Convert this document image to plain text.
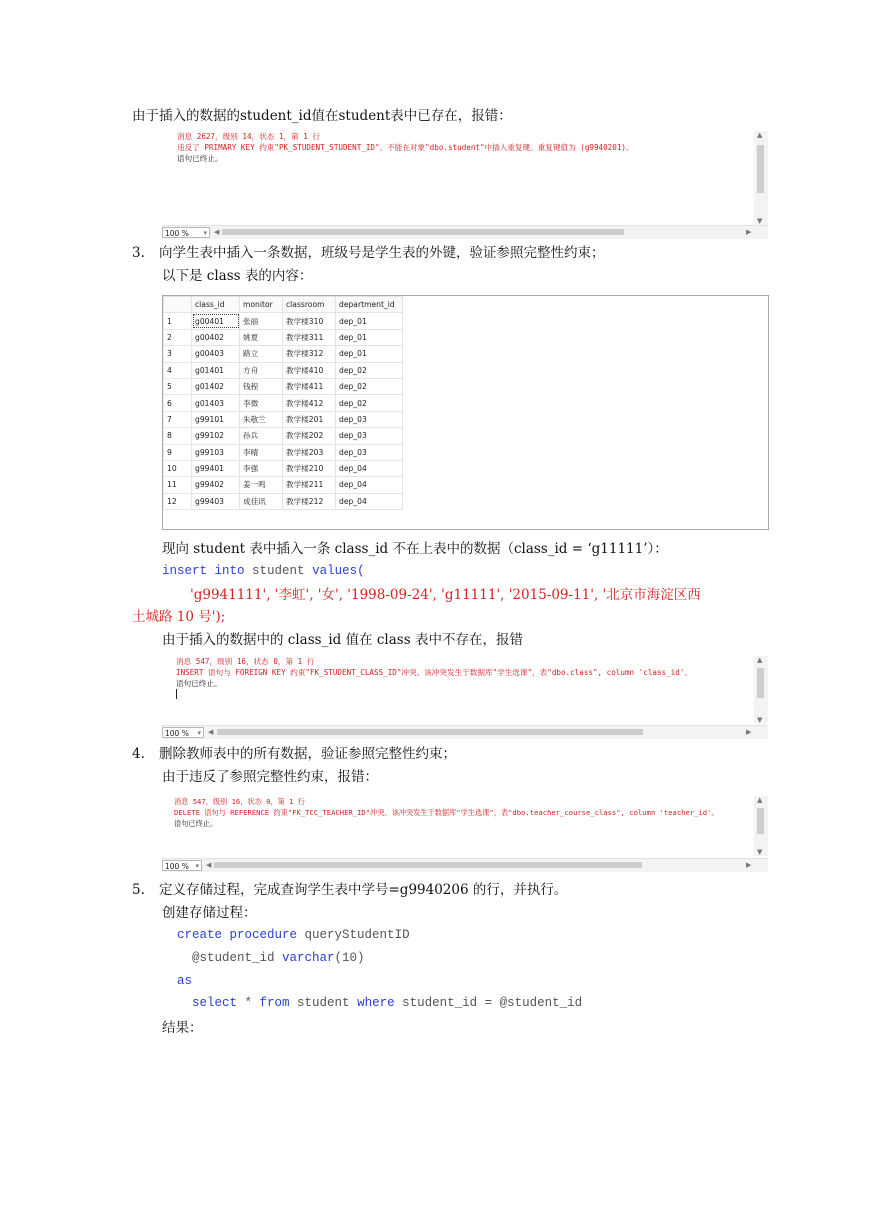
由于插入的数据的student_id值在student表中已存在，报错：
消息 2627，级别 14，状态 1，第 1 行
违反了 PRIMARY KEY 约束"PK_STUDENT_STUDENT_ID"。不能在对象"dbo.student"中插入重复键。重复键值为 (g9940201)。
语句已终止。
▲
▼
100 % ▾ ◀	▶
3. 向学生表中插入一条数据，班级号是学生表的外键，验证参照完整性约束；
以下是 class 表的内容：
	class_id	monitor	classroom	department_id
1	g00401	张丽	教学楼310	dep_01
2	g00402	姚夏	教学楼311	dep_01
3	g00403	路立	教学楼312	dep_01
4	g01401	方舟	教学楼410	dep_02
5	g01402	钱程	教学楼411	dep_02
6	g01403	李微	教学楼412	dep_02
7	g99101	朱敬兰	教学楼201	dep_03
8	g99102	孙兵	教学楼202	dep_03
9	g99103	李晴	教学楼203	dep_03
10	g99401	李强	教学楼210	dep_04
11	g99402	姜一鸣	教学楼211	dep_04
12	g99403	成佳讯	教学楼212	dep_04
现向 student 表中插入一条 class_id 不在上表中的数据（class_id = ‘g11111’）：
insert into student values(
'g9941111', '李虹', '女', '1998-09-24', 'g11111', '2015-09-11', '北京市海淀区西
土城路 10 号');
由于插入的数据中的 class_id 值在 class 表中不存在，报错
消息 547，级别 16，状态 0，第 1 行
INSERT 语句与 FOREIGN KEY 约束"FK_STUDENT_CLASS_ID"冲突。该冲突发生于数据库"学生选课"，表"dbo.class", column 'class_id'。
语句已终止。
▲
▼
100 % ▾ ◀	▶
4. 删除教师表中的所有数据，验证参照完整性约束；
由于违反了参照完整性约束，报错：
消息 547，级别 16，状态 0，第 1 行
DELETE 语句与 REFERENCE 约束"FK_TCC_TEACHER_ID"冲突。该冲突发生于数据库"学生选课"，表"dbo.teacher_course_class", column 'teacher_id'。
语句已终止。
▲
▼
100 % ▾ ◀	▶
5. 定义存储过程，完成查询学生表中学号=g9940206 的行，并执行。
创建存储过程：
create procedure queryStudentID
@student_id varchar(10)
as
select * from student where student_id = @student_id
结果：
